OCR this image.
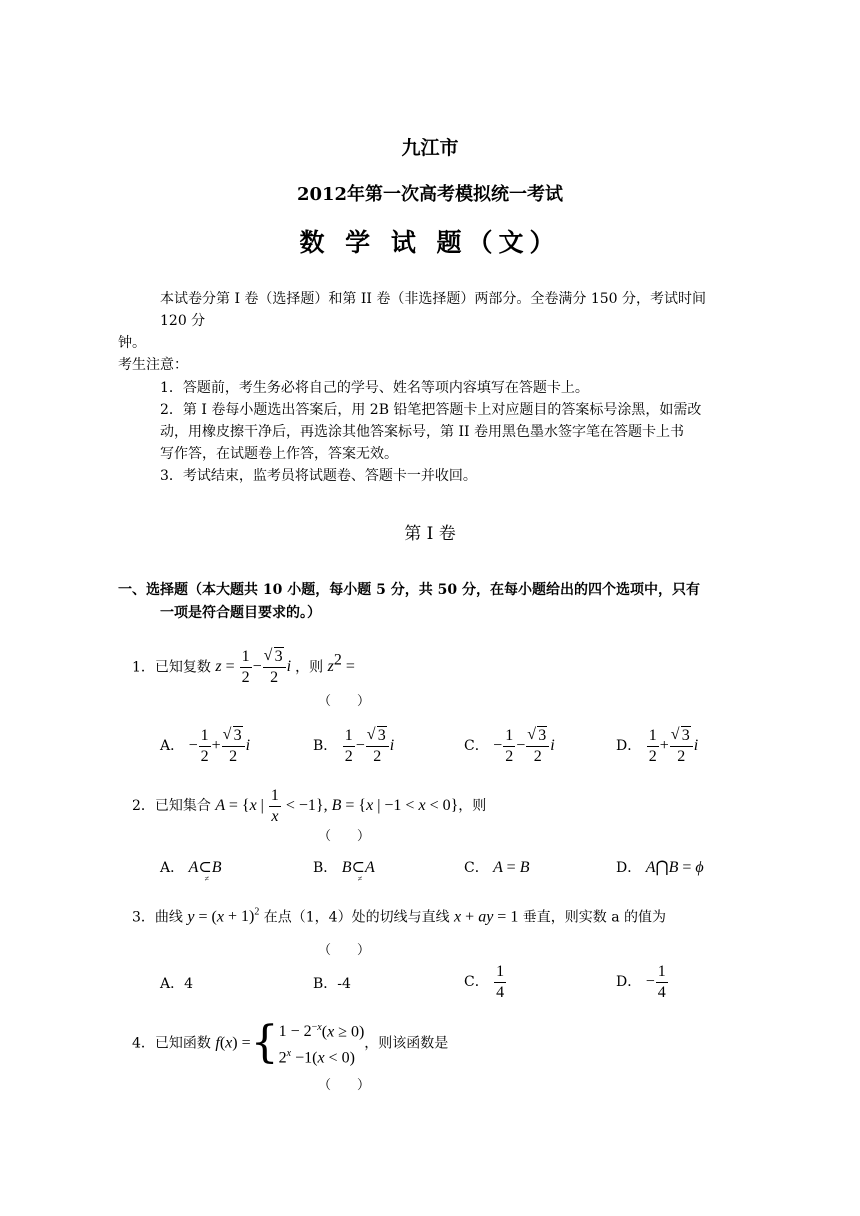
九江市
2012年第一次高考模拟统一考试
数 学 试 题（文）
本试卷分第 I 卷（选择题）和第 II 卷（非选择题）两部分。全卷满分 150 分，考试时间
120 分
钟。
考生注意：
1．答题前，考生务必将自己的学号、姓名等项内容填写在答题卡上。
2．第 I 卷每小题选出答案后，用 2B 铅笔把答题卡上对应题目的答案标号涂黑，如需改
动，用橡皮擦干净后，再选涂其他答案标号，第 II 卷用黑色墨水签字笔在答题卡上书
写作答，在试题卷上作答，答案无效。
3．考试结束，监考员将试题卷、答题卡一并收回。
第 I 卷
一、选择题（本大题共 10 小题，每小题 5 分，共 50 分，在每小题给出的四个选项中，只有
一项是符合题目要求的。）
1．已知复数 $z = \frac{1}{2}$ − √ $\frac{3}{2}$ i ，则 $z^2$ =
（　　）
A． − $\frac{1}{2}$ + √ $\frac{3}{2}$ i	B． $\frac{1}{2}$ − √ $\frac{3}{2}$ i	C． − $\frac{1}{2}$ − √ $\frac{3}{2}$ i	D． $\frac{1}{2}$ + √ $\frac{3}{2}$ i
2．已知集合 A = {x | $\frac{1}{x} < -1$}, B = {x | −1 < x < 0}，则
（　　）
A． A⊂B
≠
B． B⊂A
≠
C． A = B	D． A⋂B = ϕ
3．曲线 $y = (x + 1)^2$ 在点（1，4）处的切线与直线 x + ay = 1 垂直，则实数 a 的值为
（　　）
A．4	B．-4	C． $\frac{1}{4}$	D． − $\frac{1}{4}$
4．已知函数 f(x) ={ $1 - 2^{-x}(x \ge 0)$
$2^x -1(x < 0)$
，则该函数是
（　　）
